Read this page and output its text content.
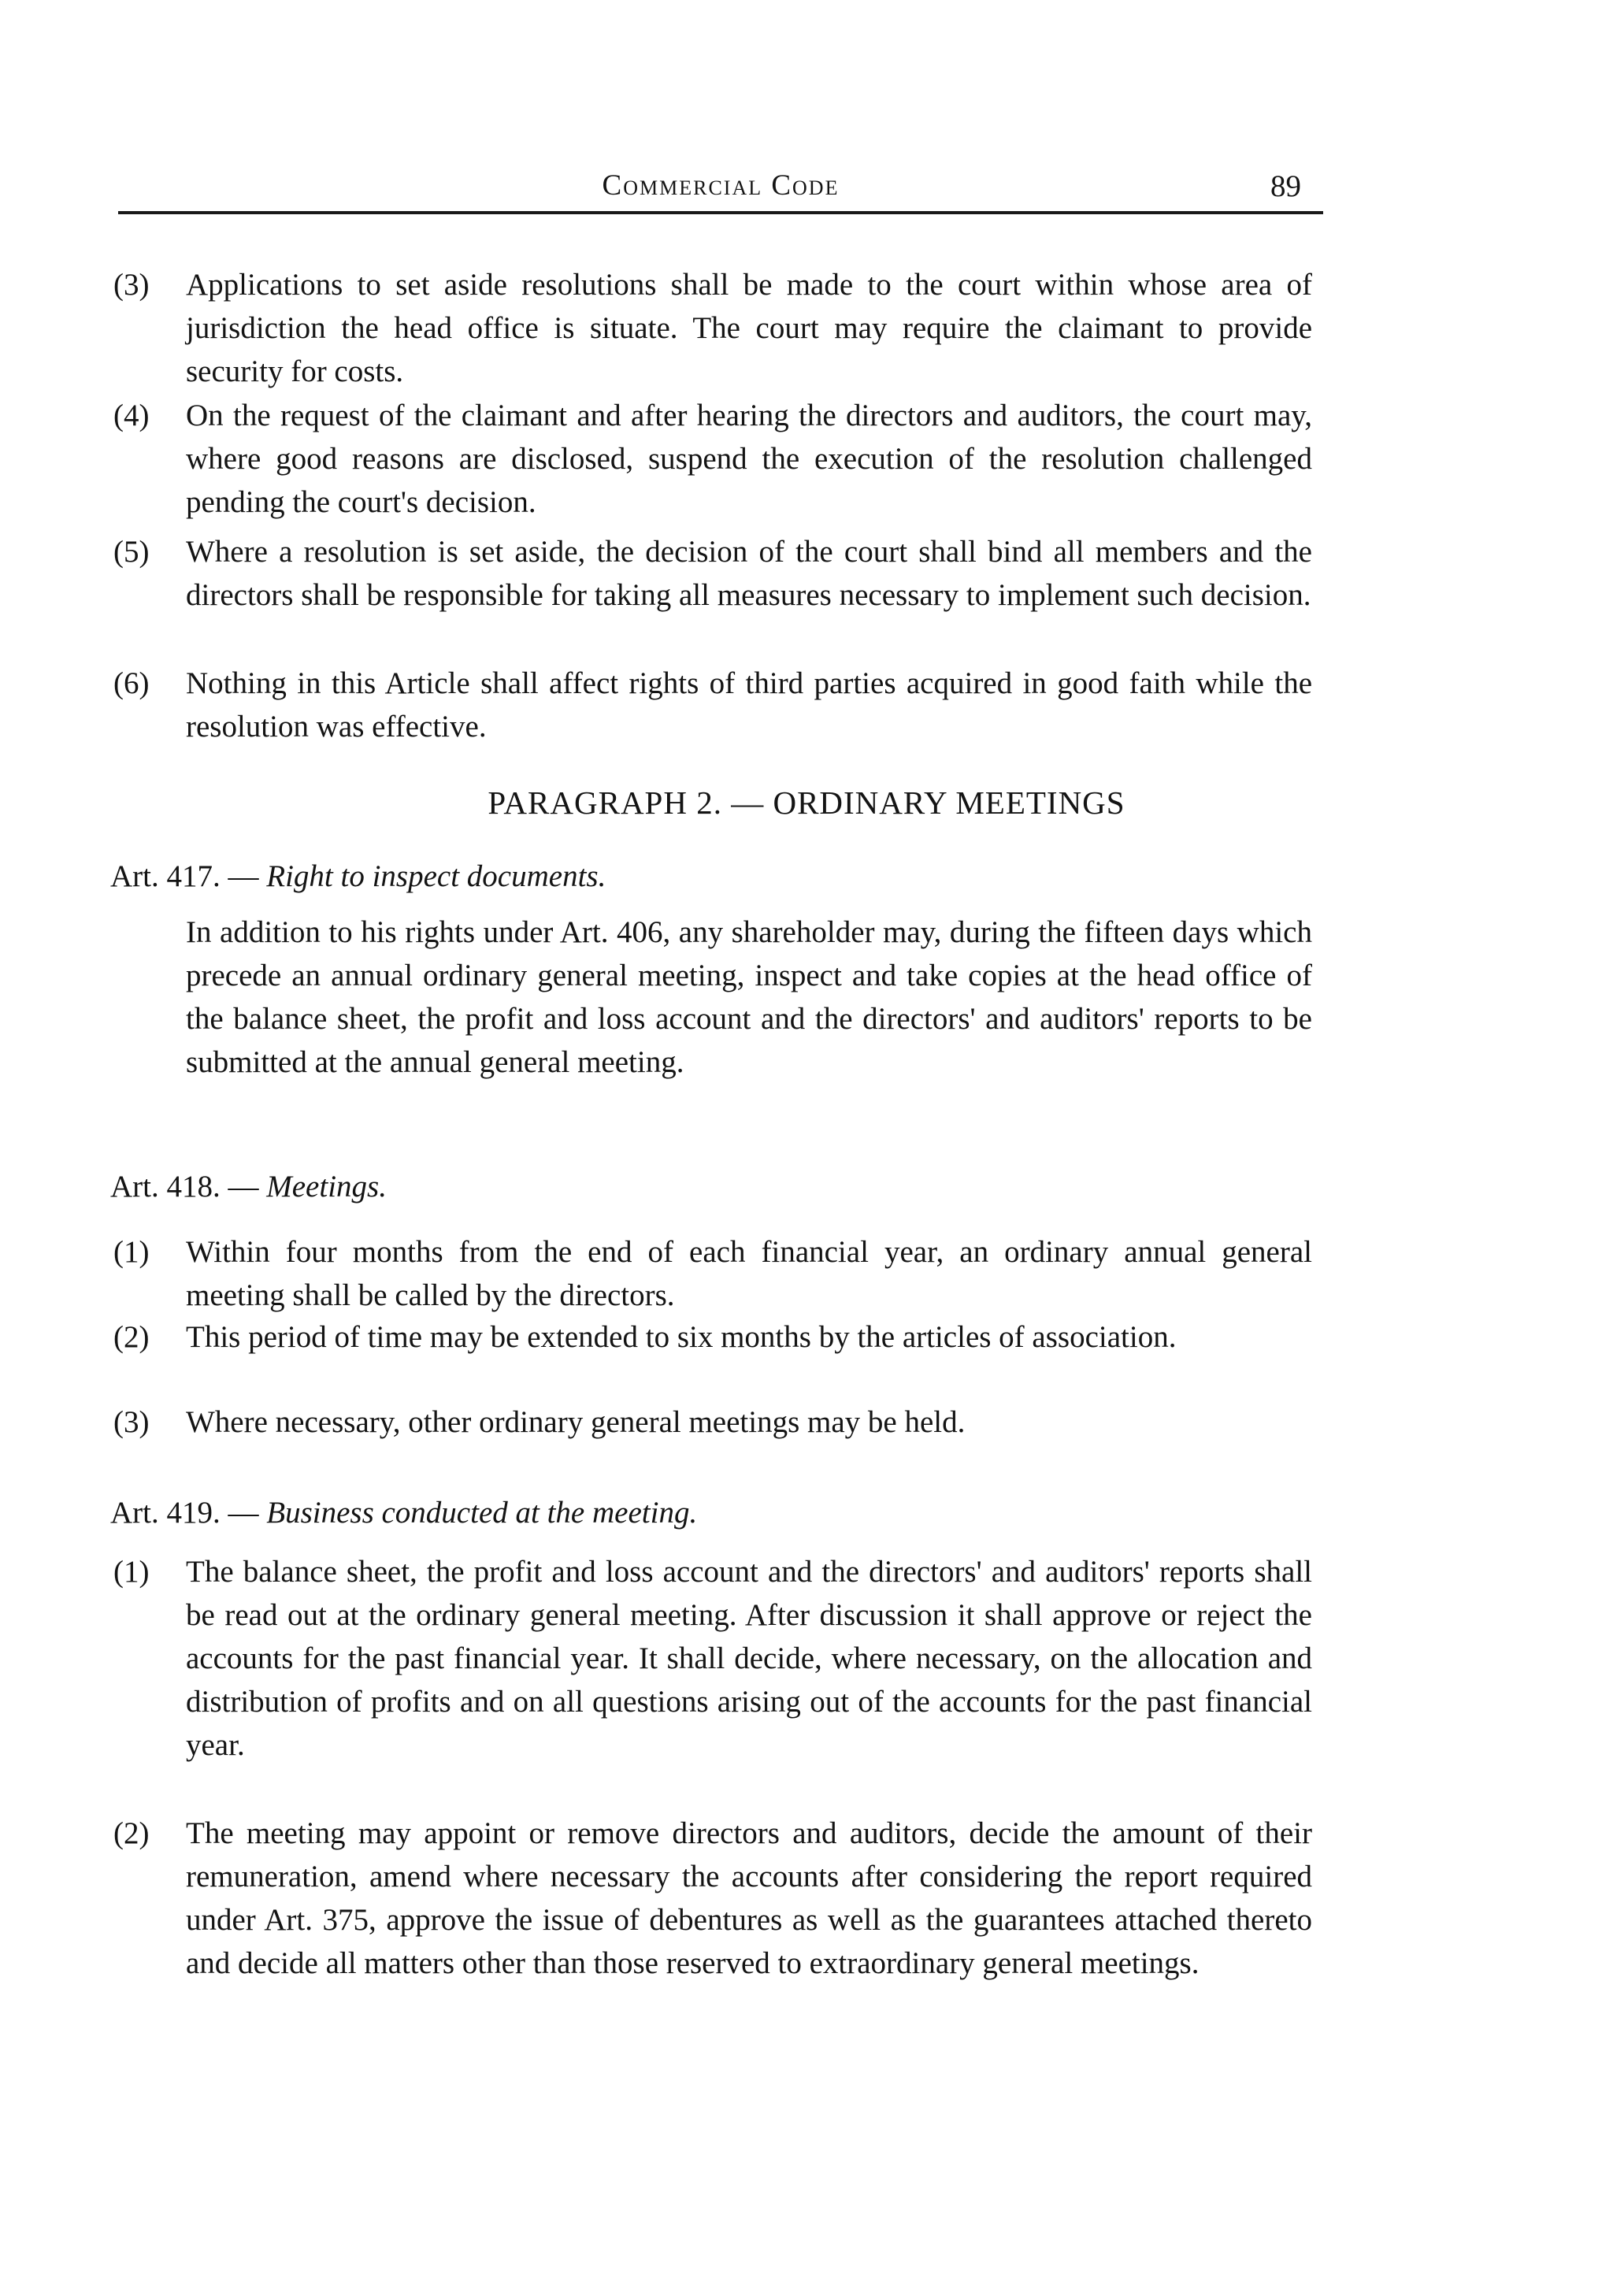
Commercial Code	89
(3)	Applications to set aside resolutions shall be made to the court within whose area of jurisdiction the head office is situate. The court may require the claimant to provide security for costs.
(4)	On the request of the claimant and after hearing the directors and auditors, the court may, where good reasons are disclosed, suspend the execution of the resolution challenged pending the court's decision.
(5)	Where a resolution is set aside, the decision of the court shall bind all members and the directors shall be responsible for taking all measures necessary to implement such decision.
(6)	Nothing in this Article shall affect rights of third parties acquired in good faith while the resolution was effective.
PARAGRAPH 2. — ORDINARY MEETINGS
Art. 417. — Right to inspect documents.
In addition to his rights under Art. 406, any shareholder may, during the fifteen days which precede an annual ordinary general meeting, inspect and take copies at the head office of the balance sheet, the profit and loss account and the directors' and auditors' reports to be submitted at the annual general meeting.
Art. 418. — Meetings.
(1)	Within four months from the end of each financial year, an ordinary annual general meeting shall be called by the directors.
(2)	This period of time may be extended to six months by the articles of association.
(3)	Where necessary, other ordinary general meetings may be held.
Art. 419. — Business conducted at the meeting.
(1)	The balance sheet, the profit and loss account and the directors' and auditors' reports shall be read out at the ordinary general meeting. After discussion it shall approve or reject the accounts for the past financial year. It shall decide, where necessary, on the allocation and distribution of profits and on all questions arising out of the accounts for the past financial year.
(2)	The meeting may appoint or remove directors and auditors, decide the amount of their remuneration, amend where necessary the accounts after considering the report required under Art. 375, approve the issue of debentures as well as the guarantees attached thereto and decide all matters other than those reserved to extraordinary general meetings.
